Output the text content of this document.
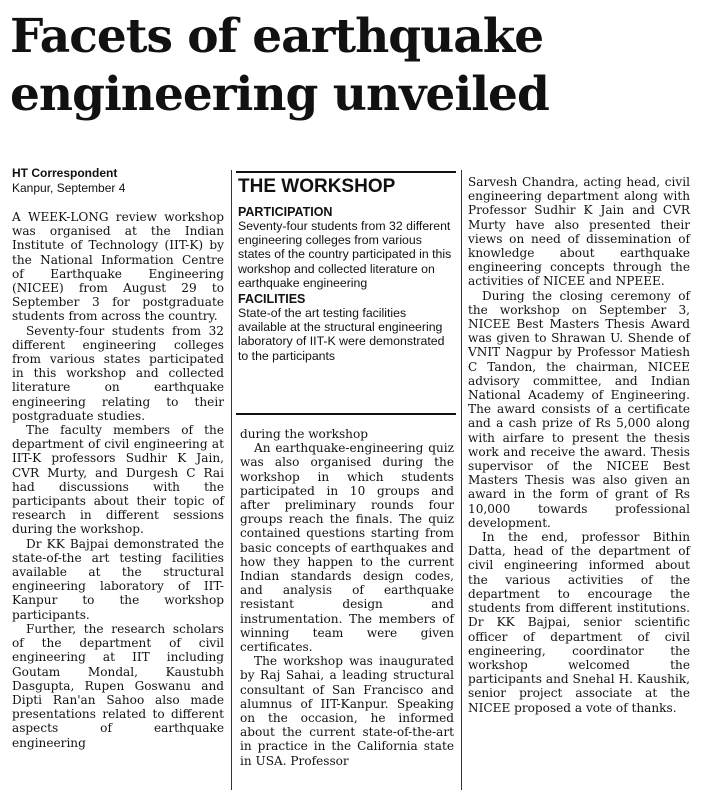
Facets of earthquake engineering unveiled
HT Correspondent
Kanpur, September 4

A WEEK-LONG review workshop was organised at the Indian Institute of Technology (IIT-K) by the National Information Centre of Earthquake Engineering (NICEE) from August 29 to September 3 for postgraduate students from across the country.

Seventy-four students from 32 different engineering colleges from various states participated in this workshop and collected literature on earthquake engineering relating to their postgraduate studies.

The faculty members of the department of civil engineering at IIT-K professors Sudhir K Jain, CVR Murty, and Durgesh C Rai had discussions with the participants about their topic of research in different sessions during the workshop.

Dr KK Bajpai demonstrated the state-of-the art testing facilities available at the structural engineering laboratory of IIT-Kanpur to the workshop participants.

Further, the research scholars of the department of civil engineering at IIT including Goutam Mondal, Kaustubh Dasgupta, Rupen Goswanu and Dipti Ran'an Sahoo also made presentations related to different aspects of earthquake engineering

THE WORKSHOP
PARTICIPATION
Seventy-four students from 32 different engineering colleges from various states of the country participated in this workshop and collected literature on earthquake engineering
FACILITIES
State-of the art testing facilities available at the structural engineering laboratory of IIT-K were demonstrated to the participants

during the workshop

An earthquake-engineering quiz was also organised during the workshop in which students participated in 10 groups and after preliminary rounds four groups reach the finals. The quiz contained questions starting from basic concepts of earthquakes and how they happen to the current Indian standards design codes, and analysis of earthquake resistant design and instrumentation. The members of winning team were given certificates.

The workshop was inaugurated by Raj Sahai, a leading structural consultant of San Francisco and alumnus of IIT-Kanpur. Speaking on the occasion, he informed about the current state-of-the-art in practice in the California state in USA. Professor

Sarvesh Chandra, acting head, civil engineering department along with Professor Sudhir K Jain and CVR Murty have also presented their views on need of dissemination of knowledge about earthquake engineering concepts through the activities of NICEE and NPEEE.

During the closing ceremony of the workshop on September 3, NICEE Best Masters Thesis Award was given to Shrawan U. Shende of VNIT Nagpur by Professor Matiesh C Tandon, the chairman, NICEE advisory committee, and Indian National Academy of Engineering. The award consists of a certificate and a cash prize of Rs 5,000 along with airfare to present the thesis work and receive the award. Thesis supervisor of the NICEE Best Masters Thesis was also given an award in the form of grant of Rs 10,000 towards professional development.

In the end, professor Bithin Datta, head of the department of civil engineering informed about the various activities of the department to encourage the students from different institutions. Dr KK Bajpai, senior scientific officer of department of civil engineering, coordinator the workshop welcomed the participants and Snehal H. Kaushik, senior project associate at the NICEE proposed a vote of thanks.
